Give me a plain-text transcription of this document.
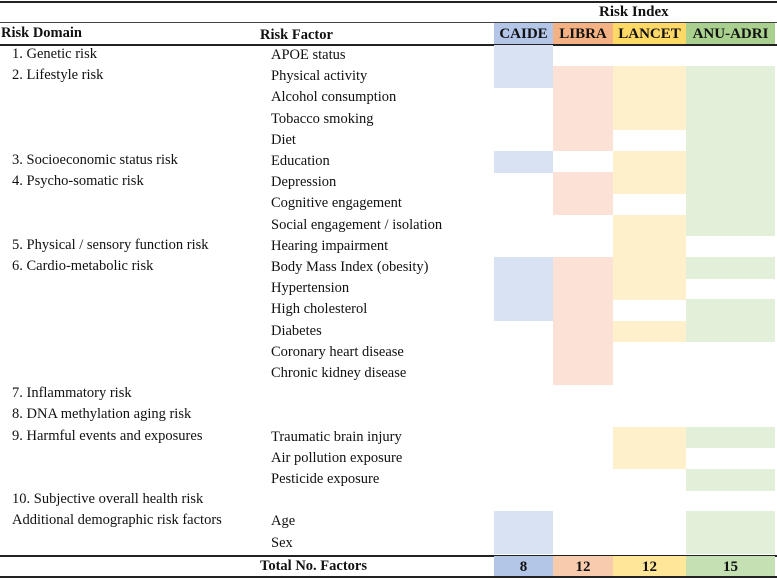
Risk Index
CAIDE LIBRA LANCET ANU-ADRI
Risk Domain	Risk Factor
1. Genetic risk	APOE status
2. Lifestyle risk	Physical activity
Alcohol consumption
Tobacco smoking
Diet
3. Socioeconomic status risk	Education
4. Psycho-somatic risk	Depression
Cognitive engagement
Social engagement / isolation
5. Physical / sensory function risk	Hearing impairment
6. Cardio-metabolic risk	Body Mass Index (obesity)
Hypertension
High cholesterol
Diabetes
Coronary heart disease
Chronic kidney disease
7. Inflammatory risk
8. DNA methylation aging risk
9. Harmful events and exposures	Traumatic brain injury
Air pollution exposure
Pesticide exposure
10. Subjective overall health risk
Additional demographic risk factors	Age
Sex
Total No. Factors	8	12	12	15
